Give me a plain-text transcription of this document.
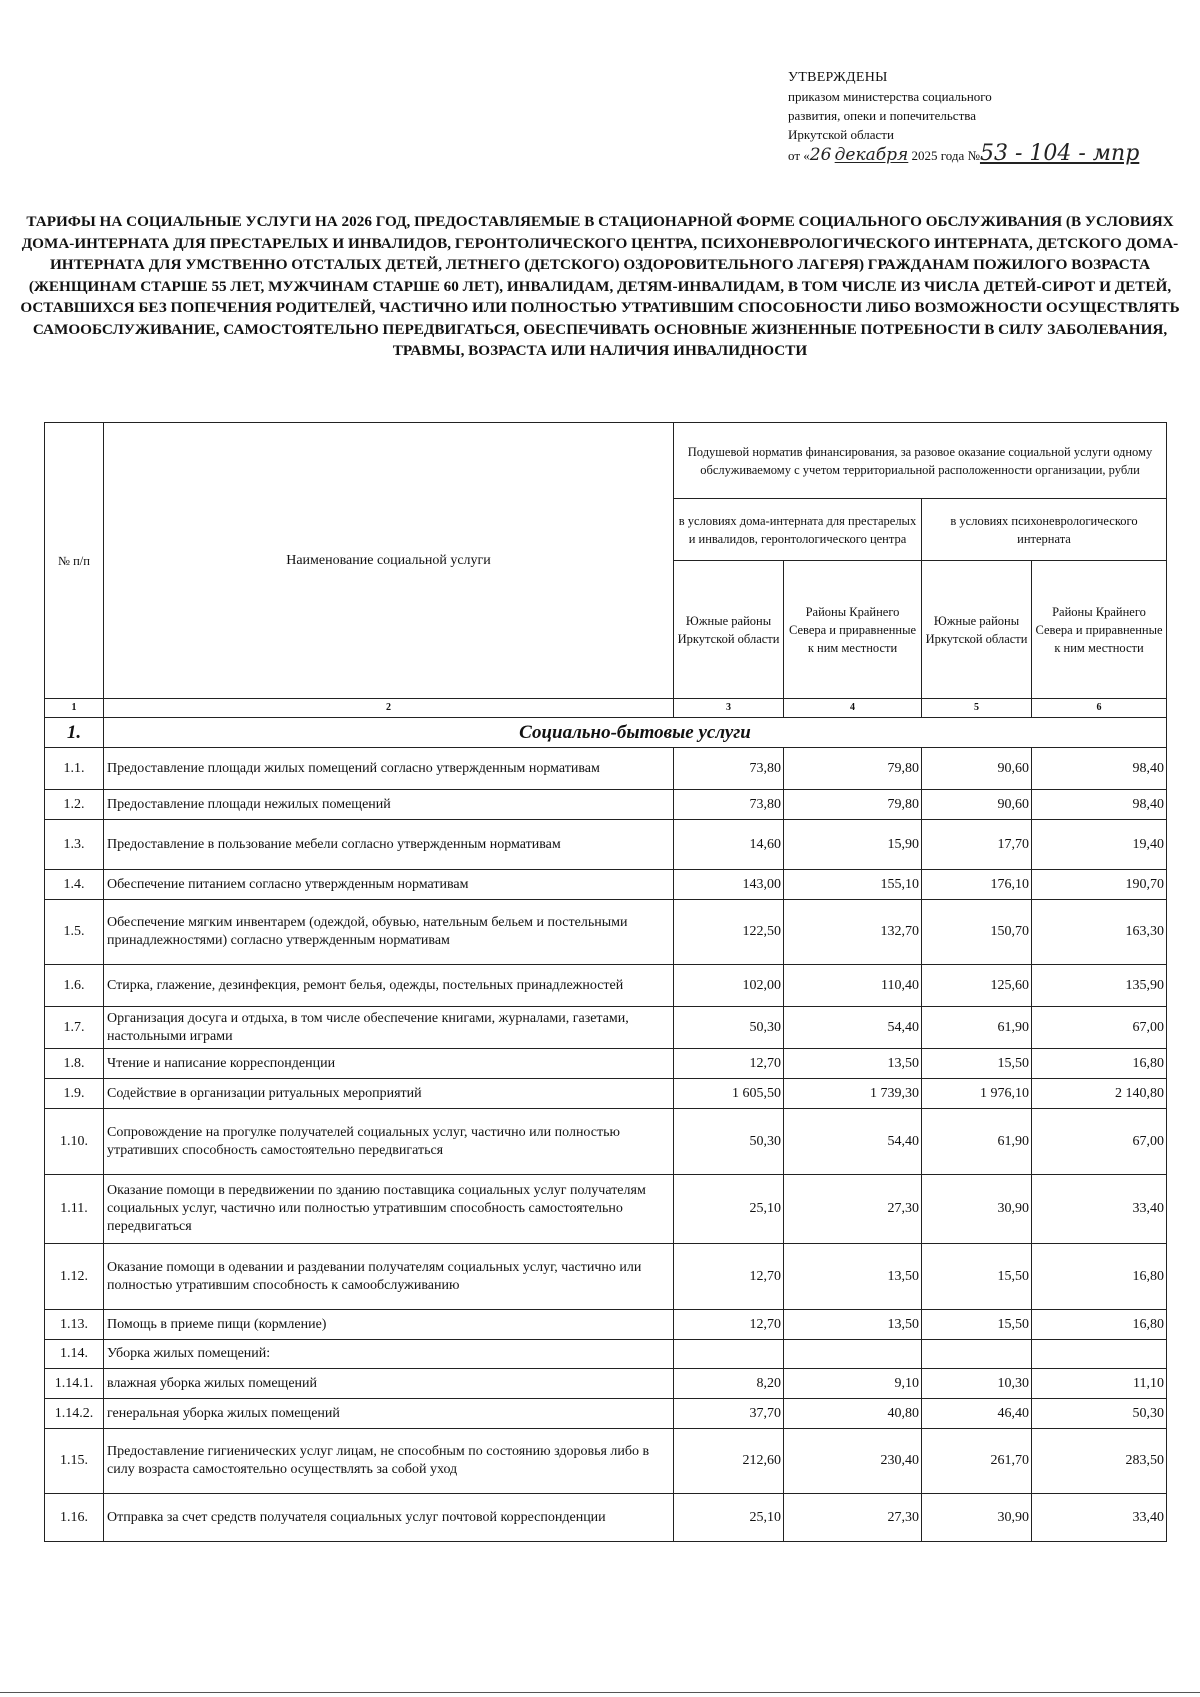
УТВЕРЖДЕНЫ
приказом министерства социального
развития, опеки и попечительства
Иркутской области
от «26 декабря 2025 года №53 - 104 - мпр
ТАРИФЫ НА СОЦИАЛЬНЫЕ УСЛУГИ НА 2026 ГОД, ПРЕДОСТАВЛЯЕМЫЕ В СТАЦИОНАРНОЙ ФОРМЕ СОЦИАЛЬНОГО ОБСЛУЖИВАНИЯ (В УСЛОВИЯХ ДОМА-ИНТЕРНАТА ДЛЯ ПРЕСТАРЕЛЫХ И ИНВАЛИДОВ, ГЕРОНТОЛИЧЕСКОГО ЦЕНТРА, ПСИХОНЕВРОЛОГИЧЕСКОГО ИНТЕРНАТА, ДЕТСКОГО ДОМА-ИНТЕРНАТА ДЛЯ УМСТВЕННО ОТСТАЛЫХ ДЕТЕЙ, ЛЕТНЕГО (ДЕТСКОГО) ОЗДОРОВИТЕЛЬНОГО ЛАГЕРЯ) ГРАЖДАНАМ ПОЖИЛОГО ВОЗРАСТА (ЖЕНЩИНАМ СТАРШЕ 55 ЛЕТ, МУЖЧИНАМ СТАРШЕ 60 ЛЕТ), ИНВАЛИДАМ, ДЕТЯМ-ИНВАЛИДАМ, В ТОМ ЧИСЛЕ ИЗ ЧИСЛА ДЕТЕЙ-СИРОТ И ДЕТЕЙ, ОСТАВШИХСЯ БЕЗ ПОПЕЧЕНИЯ РОДИТЕЛЕЙ, ЧАСТИЧНО ИЛИ ПОЛНОСТЬЮ УТРАТИВШИМ СПОСОБНОСТИ ЛИБО ВОЗМОЖНОСТИ ОСУЩЕСТВЛЯТЬ САМООБСЛУЖИВАНИЕ, САМОСТОЯТЕЛЬНО ПЕРЕДВИГАТЬСЯ, ОБЕСПЕЧИВАТЬ ОСНОВНЫЕ ЖИЗНЕННЫЕ ПОТРЕБНОСТИ В СИЛУ ЗАБОЛЕВАНИЯ, ТРАВМЫ, ВОЗРАСТА ИЛИ НАЛИЧИЯ ИНВАЛИДНОСТИ
№ п/п	Наименование социальной услуги	Подушевой норматив финансирования, за разовое оказание социальной услуги одному обслуживаемому с учетом территориальной расположенности организации, рубли			
		в условиях дома-интерната для престарелых и инвалидов, геронтологического центра		в условиях психоневрологического интерната	
		Южные районы Иркутской области	Районы Крайнего Севера и приравненные к ним местности	Южные районы Иркутской области	Районы Крайнего Севера и приравненные к ним местности
1	2	3	4	5	6
1.	Социально-бытовые услуги				
1.1.	Предоставление площади жилых помещений согласно утвержденным нормативам	73,80	79,80	90,60	98,40
1.2.	Предоставление площади нежилых помещений	73,80	79,80	90,60	98,40
1.3.	Предоставление в пользование мебели согласно утвержденным нормативам	14,60	15,90	17,70	19,40
1.4.	Обеспечение питанием согласно утвержденным нормативам	143,00	155,10	176,10	190,70
1.5.	Обеспечение мягким инвентарем (одеждой, обувью, нательным бельем и постельными принадлежностями) согласно утвержденным нормативам	122,50	132,70	150,70	163,30
1.6.	Стирка, глажение, дезинфекция, ремонт белья, одежды, постельных принадлежностей	102,00	110,40	125,60	135,90
1.7.	Организация досуга и отдыха, в том числе обеспечение книгами, журналами, газетами, настольными играми	50,30	54,40	61,90	67,00
1.8.	Чтение и написание корреспонденции	12,70	13,50	15,50	16,80
1.9.	Содействие в организации ритуальных мероприятий	1 605,50	1 739,30	1 976,10	2 140,80
1.10.	Сопровождение на прогулке получателей социальных услуг, частично или полностью утративших способность самостоятельно передвигаться	50,30	54,40	61,90	67,00
1.11.	Оказание помощи в передвижении по зданию поставщика социальных услуг получателям социальных услуг, частично или полностью утратившим способность самостоятельно передвигаться	25,10	27,30	30,90	33,40
1.12.	Оказание помощи в одевании и раздевании получателям социальных услуг, частично или полностью утратившим способность к самообслуживанию	12,70	13,50	15,50	16,80
1.13.	Помощь в приеме пищи (кормление)	12,70	13,50	15,50	16,80
1.14.	Уборка жилых помещений:				
1.14.1.	влажная уборка жилых помещений	8,20	9,10	10,30	11,10
1.14.2.	генеральная уборка жилых помещений	37,70	40,80	46,40	50,30
1.15.	Предоставление гигиенических услуг лицам, не способным по состоянию здоровья либо в силу возраста самостоятельно осуществлять за собой уход	212,60	230,40	261,70	283,50
1.16.	Отправка за счет средств получателя социальных услуг почтовой корреспонденции	25,10	27,30	30,90	33,40
